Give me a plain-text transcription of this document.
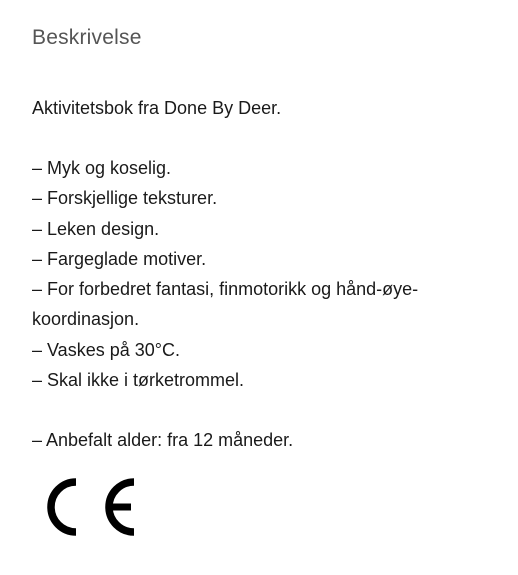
Beskrivelse
Aktivitetsbok fra Done By Deer.
– Myk og koselig.
– Forskjellige teksturer.
– Leken design.
– Fargeglade motiver.
– For forbedret fantasi, finmotorikk og hånd-øye-koordinasjon.
– Vaskes på 30°C.
– Skal ikke i tørketrommel.
– Anbefalt alder: fra 12 måneder.
